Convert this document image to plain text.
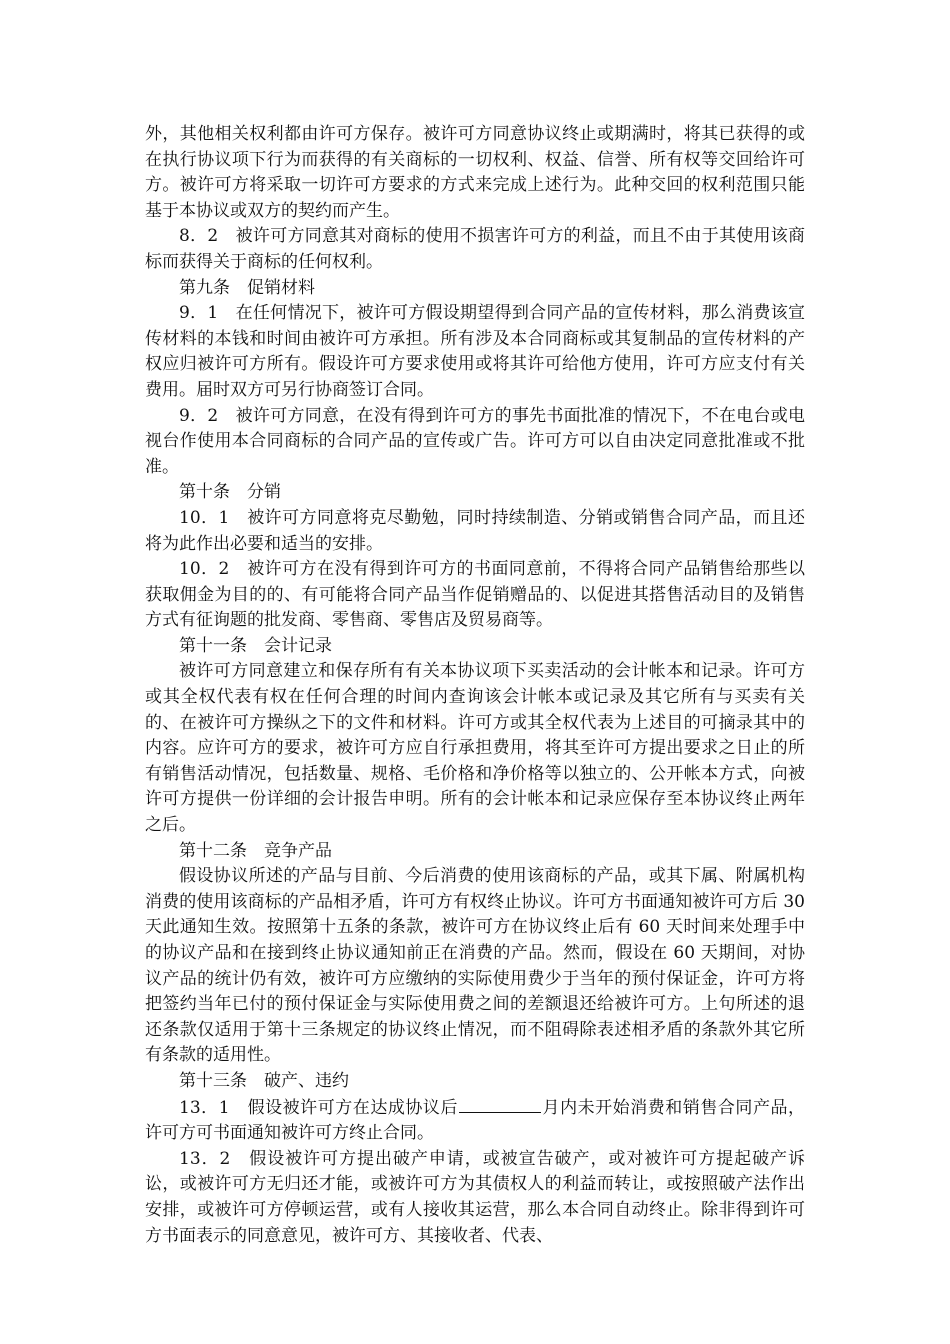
外，其他相关权利都由许可方保存。被许可方同意协议终止或期满时，将其已获得的或在执行协议项下行为而获得的有关商标的一切权利、权益、信誉、所有权等交回给许可方。被许可方将采取一切许可方要求的方式来完成上述行为。此种交回的权利范围只能基于本协议或双方的契约而产生。

8．2　被许可方同意其对商标的使用不损害许可方的利益，而且不由于其使用该商标而获得关于商标的任何权利。

第九条　促销材料

9．1　在任何情况下，被许可方假设期望得到合同产品的宣传材料，那么消费该宣传材料的本钱和时间由被许可方承担。所有涉及本合同商标或其复制品的宣传材料的产权应归被许可方所有。假设许可方要求使用或将其许可给他方使用，许可方应支付有关费用。届时双方可另行协商签订合同。

9．2　被许可方同意，在没有得到许可方的事先书面批准的情况下，不在电台或电视台作使用本合同商标的合同产品的宣传或广告。许可方可以自由决定同意批准或不批准。

第十条　分销

10．1　被许可方同意将克尽勤勉，同时持续制造、分销或销售合同产品，而且还将为此作出必要和适当的安排。

10．2　被许可方在没有得到许可方的书面同意前，不得将合同产品销售给那些以获取佣金为目的的、有可能将合同产品当作促销赠品的、以促进其搭售活动目的及销售方式有征询题的批发商、零售商、零售店及贸易商等。

第十一条　会计记录

被许可方同意建立和保存所有有关本协议项下买卖活动的会计帐本和记录。许可方或其全权代表有权在任何合理的时间内查询该会计帐本或记录及其它所有与买卖有关的、在被许可方操纵之下的文件和材料。许可方或其全权代表为上述目的可摘录其中的内容。应许可方的要求，被许可方应自行承担费用，将其至许可方提出要求之日止的所有销售活动情况，包括数量、规格、毛价格和净价格等以独立的、公开帐本方式，向被许可方提供一份详细的会计报告申明。所有的会计帐本和记录应保存至本协议终止两年之后。

第十二条　竞争产品

假设协议所述的产品与目前、今后消费的使用该商标的产品，或其下属、附属机构消费的使用该商标的产品相矛盾，许可方有权终止协议。许可方书面通知被许可方后 30 天此通知生效。按照第十五条的条款，被许可方在协议终止后有 60 天时间来处理手中的协议产品和在接到终止协议通知前正在消费的产品。然而，假设在 60 天期间，对协议产品的统计仍有效，被许可方应缴纳的实际使用费少于当年的预付保证金，许可方将把签约当年已付的预付保证金与实际使用费之间的差额退还给被许可方。上句所述的退还条款仅适用于第十三条规定的协议终止情况，而不阻碍除表述相矛盾的条款外其它所有条款的适用性。

第十三条　破产、违约

13．1　假设被许可方在达成协议后	月内未开始消费和销售合同产品，许可方可书面通知被许可方终止合同。

13．2　假设被许可方提出破产申请，或被宣告破产，或对被许可方提起破产诉讼，或被许可方无归还才能，或被许可方为其债权人的利益而转让，或按照破产法作出安排，或被许可方停顿运营，或有人接收其运营，那么本合同自动终止。除非得到许可方书面表示的同意意见，被许可方、其接收者、代表、
